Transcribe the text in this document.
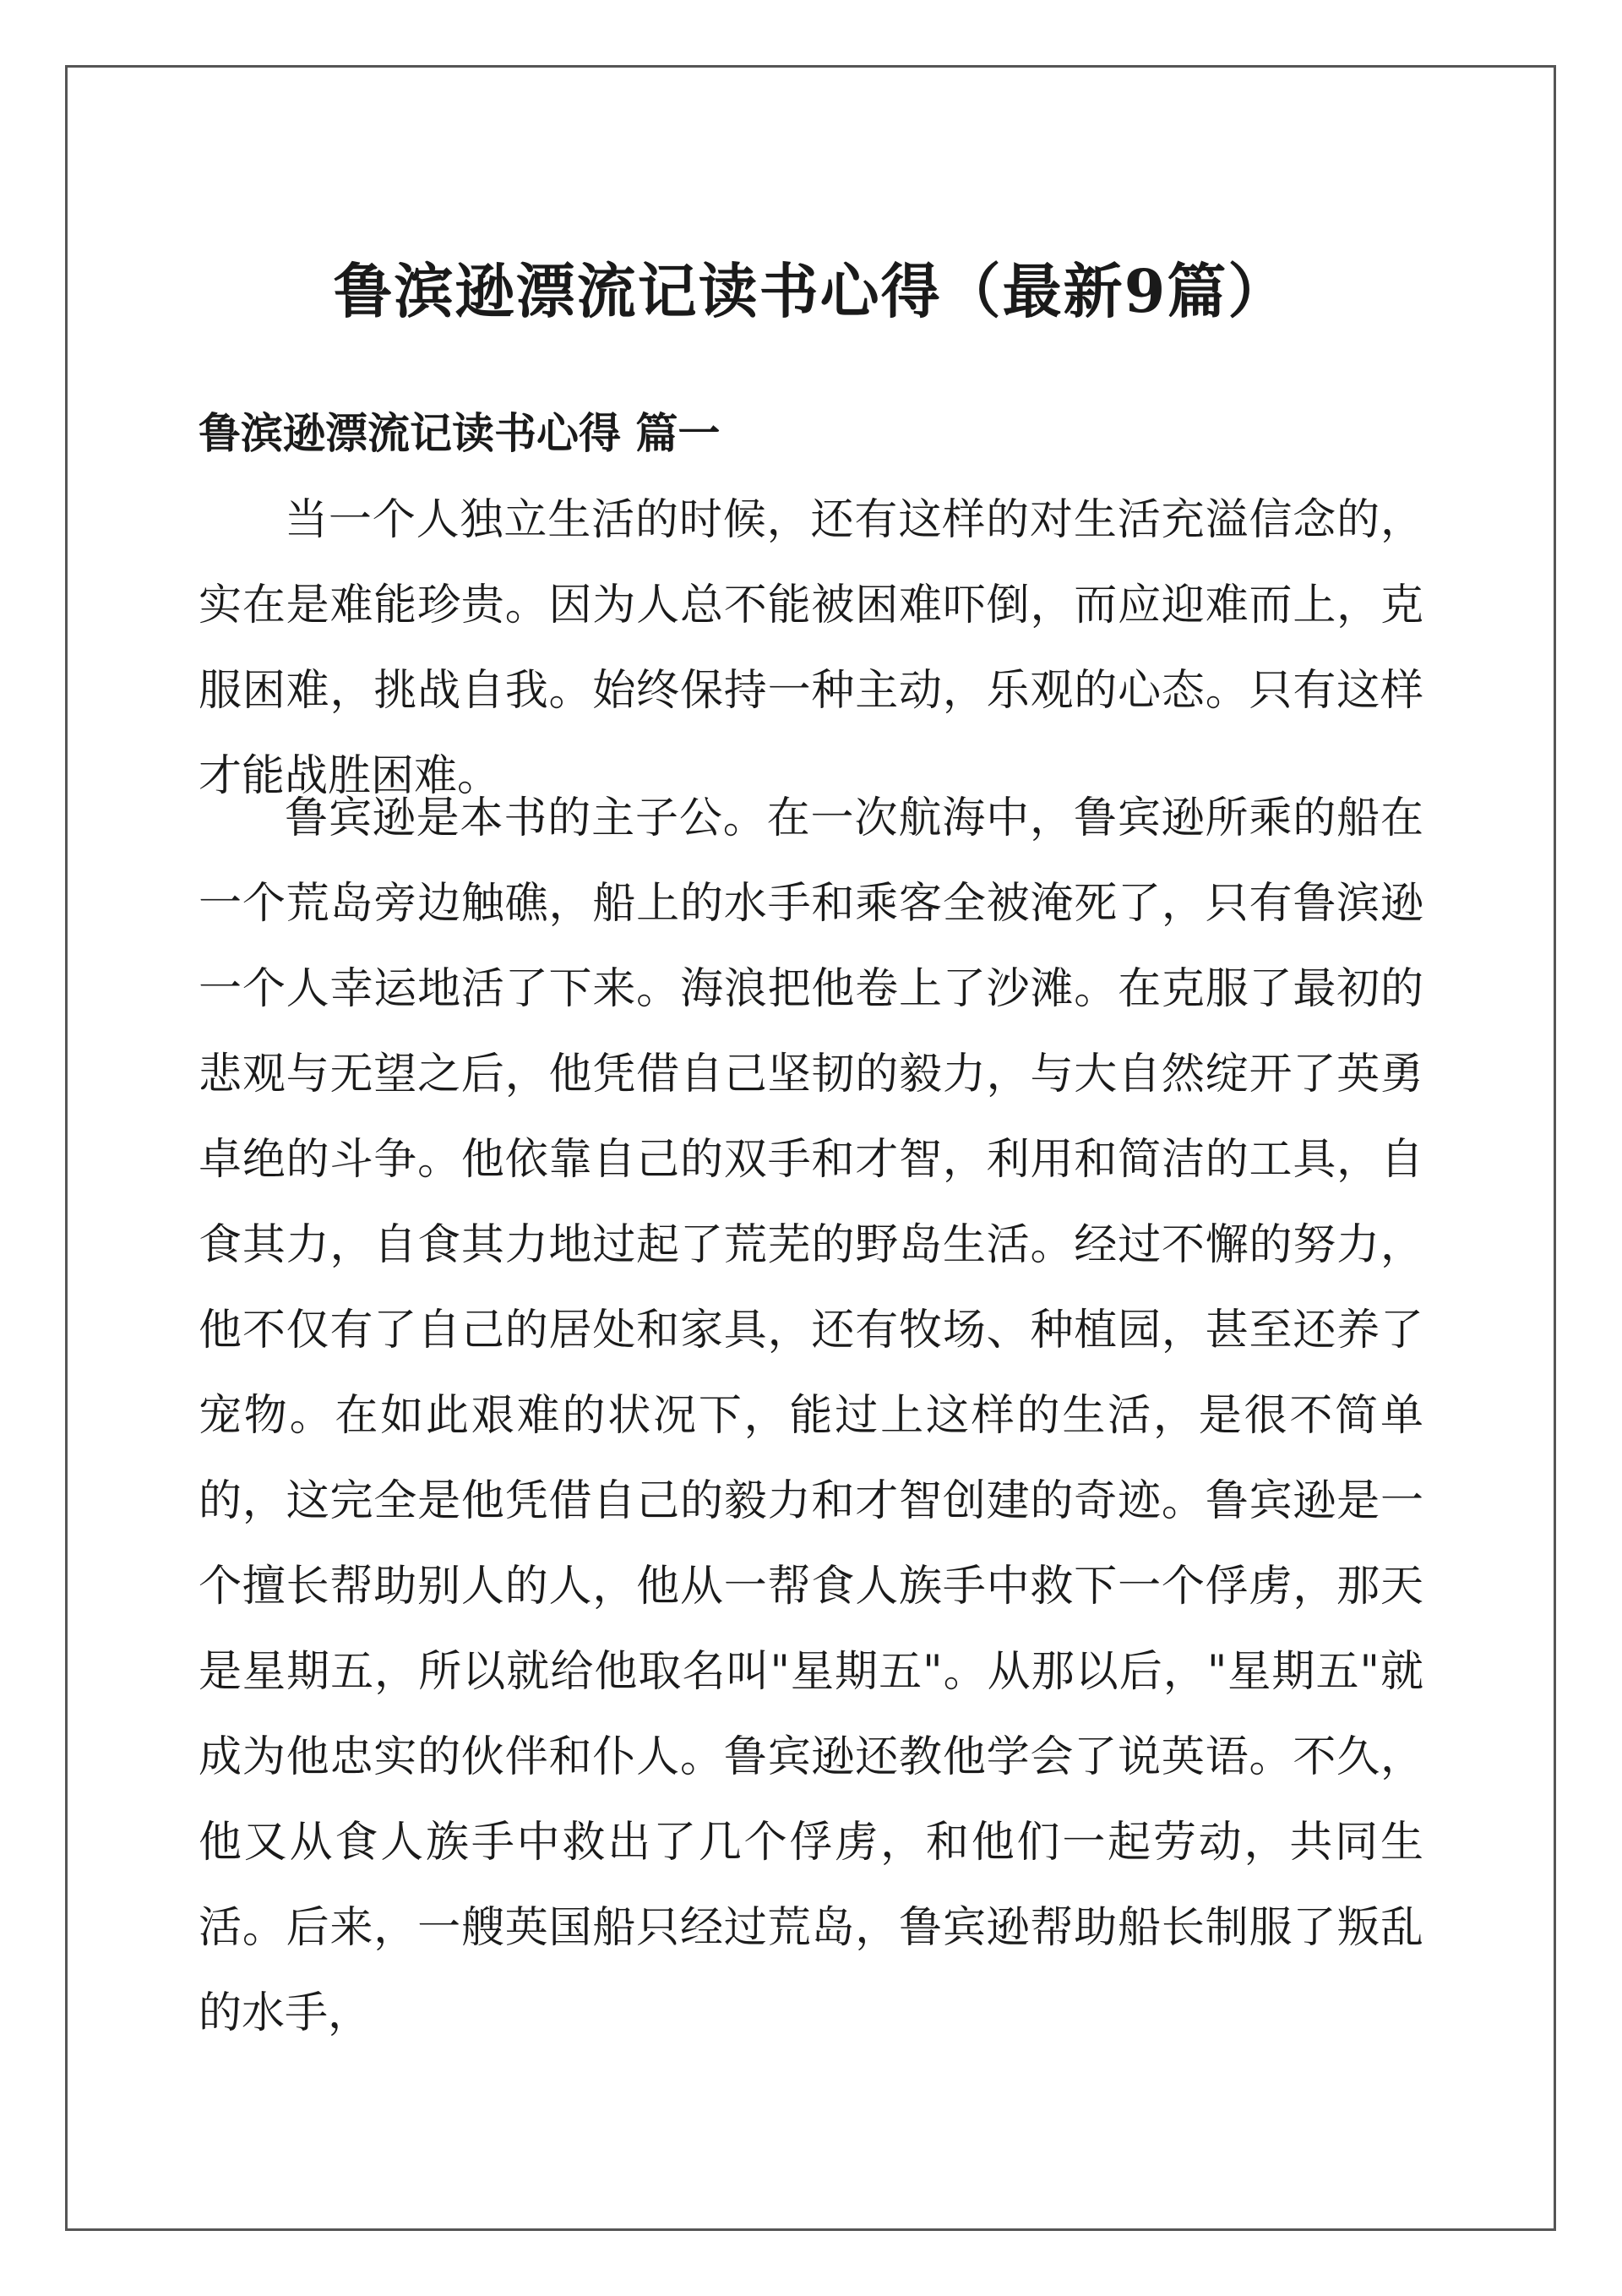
鲁滨逊漂流记读书心得（最新9篇）
鲁滨逊漂流记读书心得 篇一

当一个人独立生活的时候，还有这样的对生活充溢信念的，实在是难能珍贵。因为人总不能被困难吓倒，而应迎难而上，克服困难，挑战自我。始终保持一种主动，乐观的心态。只有这样才能战胜困难。

鲁宾逊是本书的主子公。在一次航海中，鲁宾逊所乘的船在一个荒岛旁边触礁，船上的水手和乘客全被淹死了，只有鲁滨逊一个人幸运地活了下来。海浪把他卷上了沙滩。在克服了最初的悲观与无望之后，他凭借自己坚韧的毅力，与大自然绽开了英勇卓绝的斗争。他依靠自己的双手和才智，利用和简洁的工具，自食其力，自食其力地过起了荒芜的野岛生活。经过不懈的努力，他不仅有了自己的居处和家具，还有牧场、种植园，甚至还养了宠物。在如此艰难的状况下，能过上这样的生活，是很不简单的，这完全是他凭借自己的毅力和才智创建的奇迹。鲁宾逊是一个擅长帮助别人的人，他从一帮食人族手中救下一个俘虏，那天是星期五，所以就给他取名叫"星期五"。从那以后，"星期五"就成为他忠实的伙伴和仆人。鲁宾逊还教他学会了说英语。不久，他又从食人族手中救出了几个俘虏，和他们一起劳动，共同生活。后来，一艘英国船只经过荒岛，鲁宾逊帮助船长制服了叛乱的水手，
